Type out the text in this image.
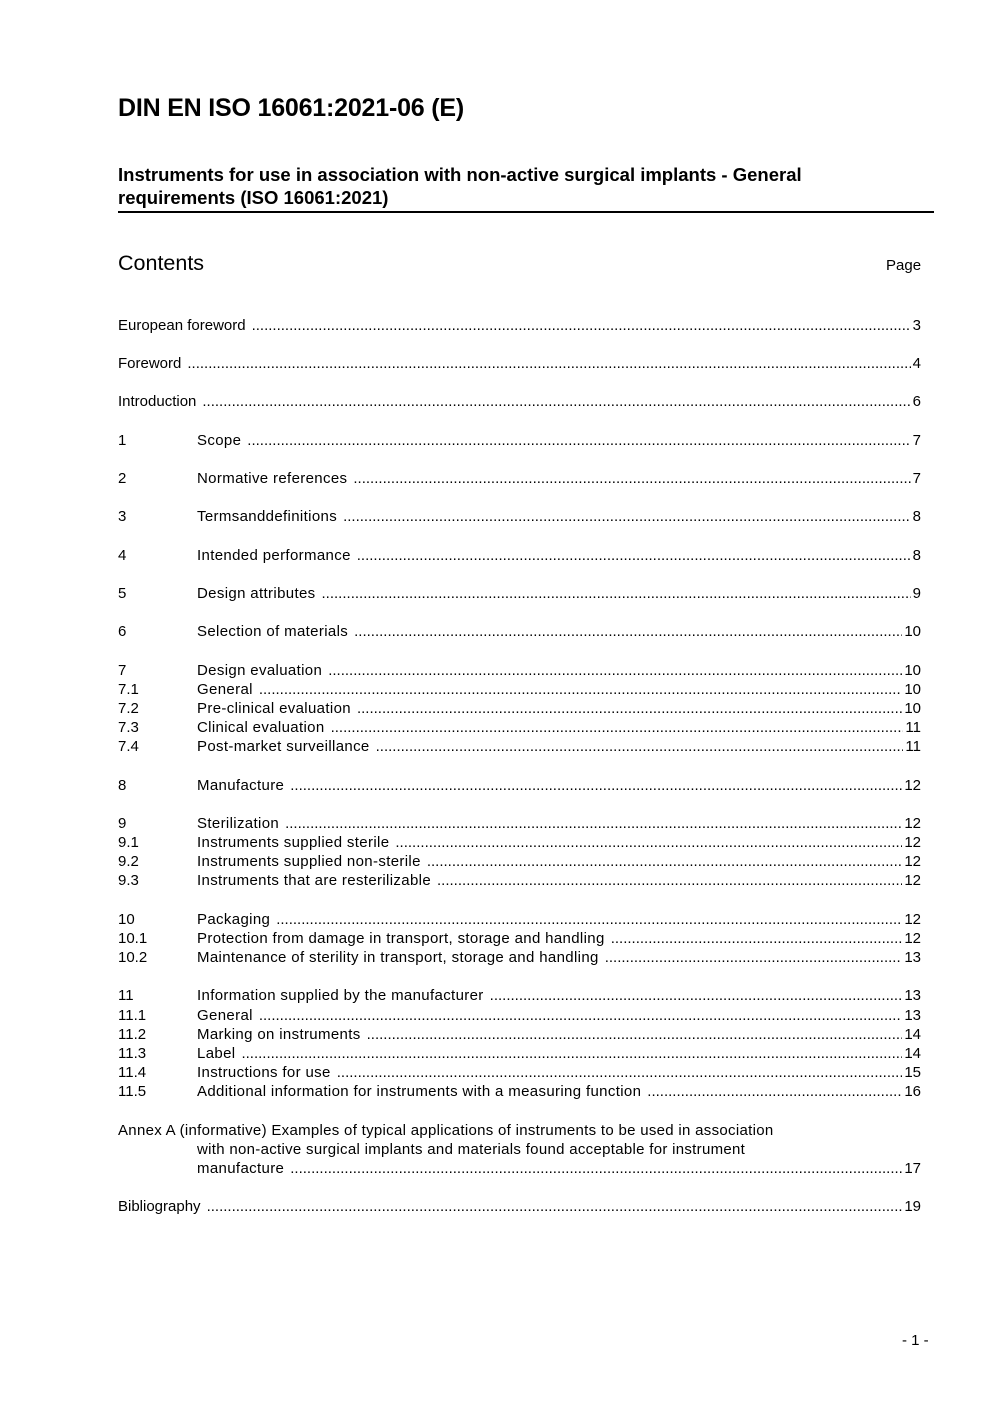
DIN EN ISO 16061:2021-06 (E)
Instruments for use in association with non-active surgical implants - General
requirements (ISO 16061:2021)
Contents	Page
European foreword .....	3
Foreword .....	4
Introduction .....	6
1	Scope .....	7
2	Normative references .....	7
3	Termsanddefinitions .....	8
4	Intended performance .....	8
5	Design attributes .....	9
6	Selection of materials .....	10
7	Design evaluation .....	10
7.1	General .....	10
7.2	Pre-clinical evaluation .....	10
7.3	Clinical evaluation .....	11
7.4	Post-market surveillance .....	11
8	Manufacture .....	12
9	Sterilization .....	12
9.1	Instruments supplied sterile .....	12
9.2	Instruments supplied non-sterile .....	12
9.3	Instruments that are resterilizable .....	12
10	Packaging .....	12
10.1	Protection from damage in transport, storage and handling .....	12
10.2	Maintenance of sterility in transport, storage and handling .....	13
11	Information supplied by the manufacturer .....	13
11.1	General .....	13
11.2	Marking on instruments .....	14
11.3	Label .....	14
11.4	Instructions for use .....	15
11.5	Additional information for instruments with a measuring function .....	16
Annex A (informative) Examples of typical applications of instruments to be used in association
with non-active surgical implants and materials found acceptable for instrument
manufacture .....	17
Bibliography .....	19
- 1 -
